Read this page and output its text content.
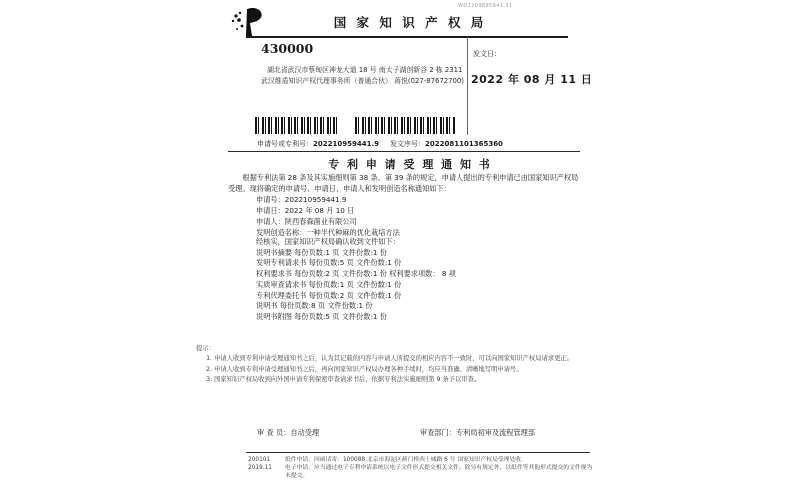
WD2209895941.01
国 家 知 识 产 权 局
430000
湖北省武汉市蔡甸区神龙大道 18 号 南太子湖创新谷 2 栋 2311
武汉维盾知识产权代理事务所（普通合伙） 蒋悦(027-87672700)
发文日：
2022 年 08 月 11 日
申请号或专利号：202210959441.9 发文序号：2022081101365360
专 利 申 请 受 理 通 知 书
根据专利法第 28 条及其实施细则第 38 条、第 39 条的规定，申请人提出的专利申请已由国家知识产权局受理。现将确定的申请号、申请日、申请人和发明创造名称通知如下：
申请号：202210959441.9
申请日：2022 年 08 月 10 日
申请人：陕西春森菌业有限公司
发明创造名称：一种半代种麻的优化栽培方法
经核实，国家知识产权局确认收到文件如下：
说明书摘要 每份页数:1 页 文件份数:1 份
发明专利请求书 每份页数:5 页 文件份数:1 份
权利要求书 每份页数:2 页 文件份数:1 份 权利要求项数： 8 项
实质审查请求书 每份页数:1 页 文件份数:1 份
专利代理委托书 每份页数:2 页 文件份数:1 份
说明书 每份页数:8 页 文件份数:1 份
说明书附图 每份页数:5 页 文件份数:1 份
提示：
1. 申请人收到专利申请受理通知书之后，认为其记载的内容与申请人所提交的相应内容不一致时，可以向国家知识产权局请求更正。
2. 申请人收到专利申请受理通知书之后，再向国家知识产权局办理各种手续时，均应当准确、清晰地写明申请号。
3. 国家知识产权局收到向外国申请专利保密审查请求书后，依据专利法实施细则第 9 条予以审查。
审 查 员：自动受理	审查部门：专利局初审及流程管理部
200101	纸件申请，回函请寄：100088 北京市海淀区蓟门桥西土城路 6 号 国家知识产权局受理处收
2019.11	电子申请，应当通过电子专利申请系统以电子文件形式提交相关文件。除另有规定外，以纸件等其他形式提交的文件视为未提交。
